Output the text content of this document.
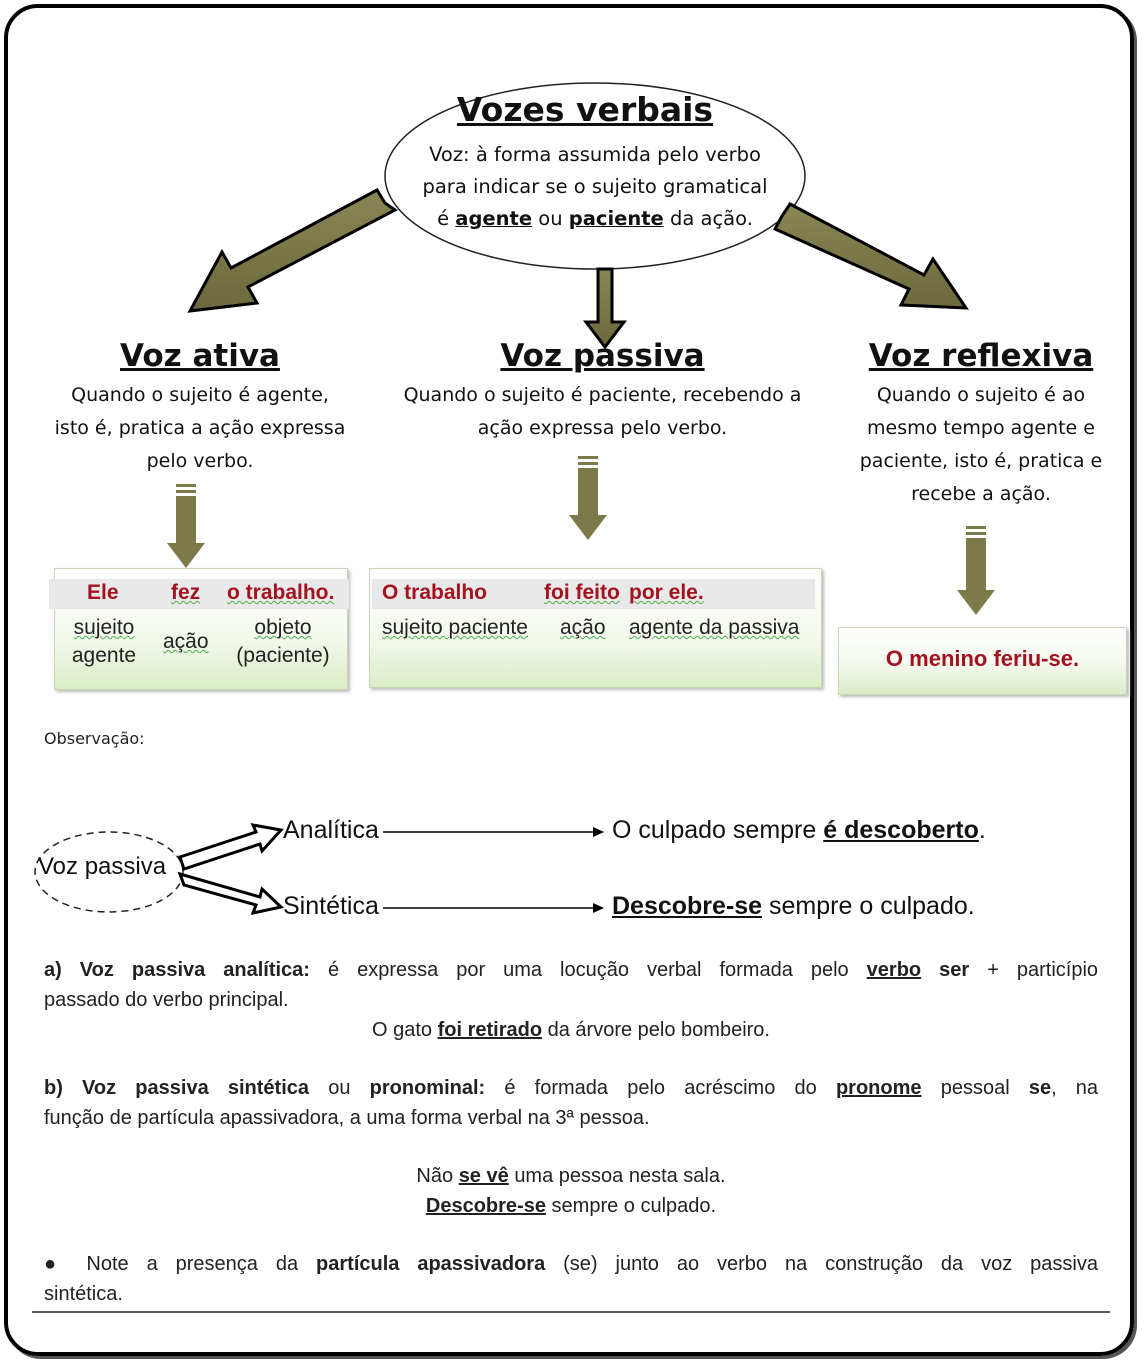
Vozes verbais
Voz: à forma assumida pelo verbo
para indicar se o sujeito gramatical
é agente ou paciente da ação.
Voz ativa
Quando o sujeito é agente,
isto é, pratica a ação expressa
pelo verbo.
Ele fez o trabalho.
sujeito
agente
ação
objeto
(paciente)
Voz passiva
Quando o sujeito é paciente, recebendo a
ação expressa pelo verbo.
O trabalho	foi feito por ele.
sujeito paciente ação agente da passiva
Voz reflexiva
Quando o sujeito é ao
mesmo tempo agente e
paciente, isto é, pratica e
recebe a ação.
O menino feriu-se.
Observação:
Voz passiva
Analítica
Sintética
O culpado sempre é descoberto.
Descobre-se sempre o culpado.
a) Voz passiva analítica: é expressa por uma locução verbal formada pelo verbo ser + particípio
passado do verbo principal.
O gato foi retirado da árvore pelo bombeiro.
b) Voz passiva sintética ou pronominal: é formada pelo acréscimo do pronome pessoal se, na
função de partícula apassivadora, a uma forma verbal na 3ª pessoa.
Não se vê uma pessoa nesta sala.
Descobre-se sempre o culpado.
● Note a presença da partícula apassivadora (se) junto ao verbo na construção da voz passiva
sintética.
